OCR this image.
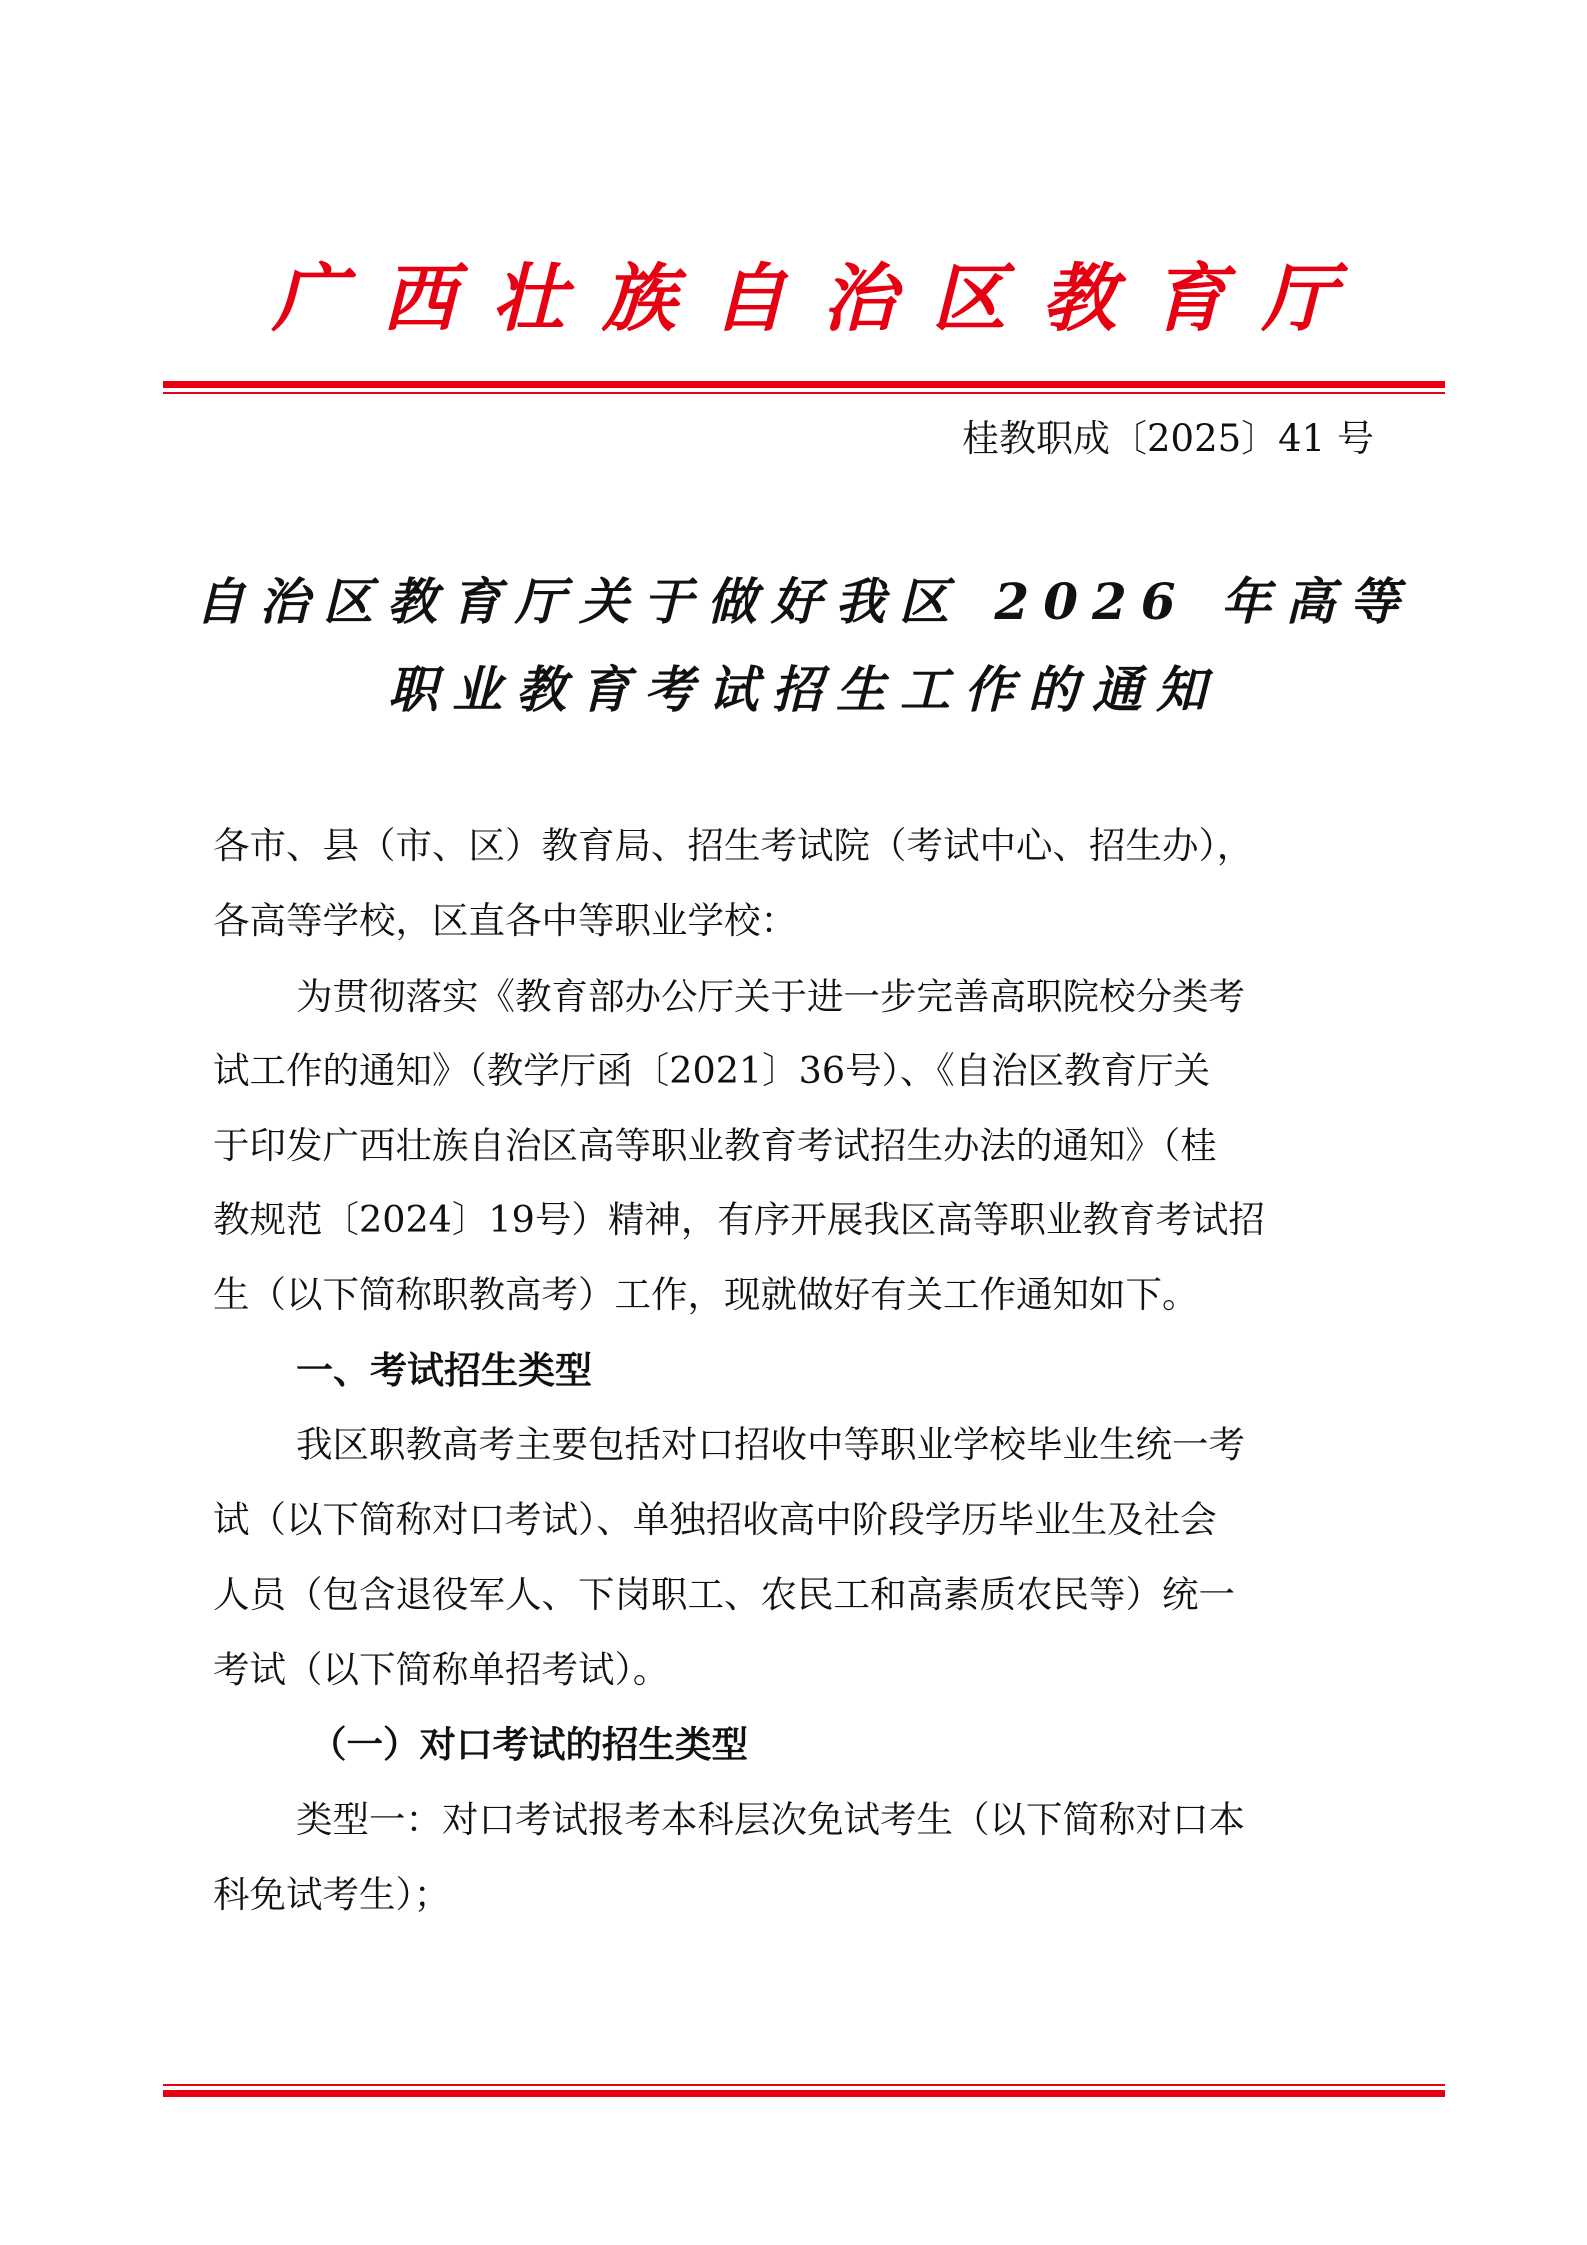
广西壮族自治区教育厅
桂教职成〔2025〕41 号
自治区教育厅关于做好我区 2026 年高等
职业教育考试招生工作的通知
各市、县（市、区）教育局、招生考试院（考试中心、招生办），
各高等学校，区直各中等职业学校：
为贯彻落实《教育部办公厅关于进一步完善高职院校分类考
试工作的通知》（教学厅函〔2021〕36号）、《自治区教育厅关
于印发广西壮族自治区高等职业教育考试招生办法的通知》（桂
教规范〔2024〕19号）精神，有序开展我区高等职业教育考试招
生（以下简称职教高考）工作，现就做好有关工作通知如下。
一、考试招生类型
我区职教高考主要包括对口招收中等职业学校毕业生统一考
试（以下简称对口考试）、单独招收高中阶段学历毕业生及社会
人员（包含退役军人、下岗职工、农民工和高素质农民等）统一
考试（以下简称单招考试）。
（一）对口考试的招生类型
类型一：对口考试报考本科层次免试考生（以下简称对口本
科免试考生）；
